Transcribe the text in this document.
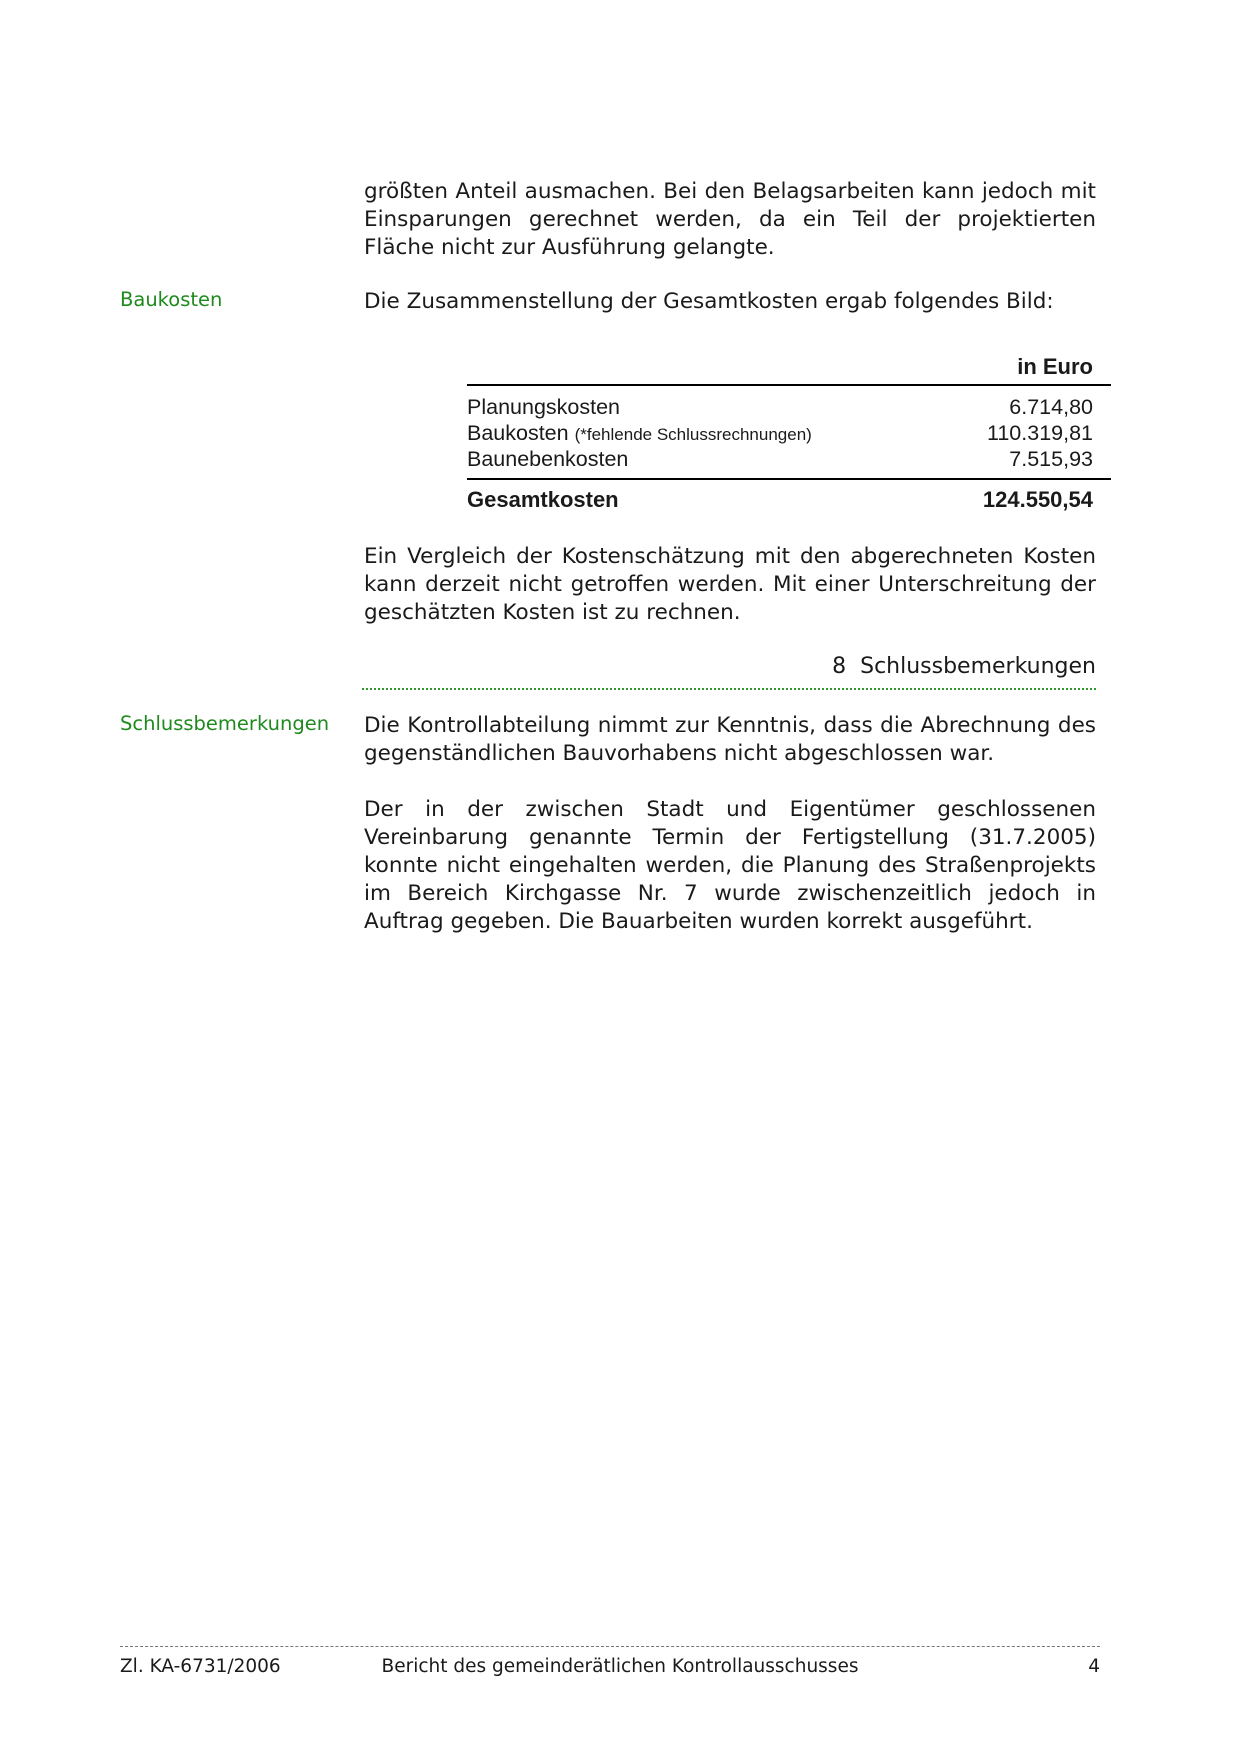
größten Anteil ausmachen. Bei den Belagsarbeiten kann jedoch mit Einsparungen gerechnet werden, da ein Teil der projektierten Fläche nicht zur Ausführung gelangte.

Baukosten	Die Zusammenstellung der Gesamtkosten ergab folgendes Bild:

in Euro
Planungskosten	6.714,80
Baukosten (*fehlende Schlussrechnungen)	110.319,81
Baunebenkosten	7.515,93
Gesamtkosten	124.550,54

Ein Vergleich der Kostenschätzung mit den abgerechneten Kosten kann derzeit nicht getroffen werden. Mit einer Unterschreitung der geschätzten Kosten ist zu rechnen.

8 Schlussbemerkungen

Schlussbemerkungen Die Kontrollabteilung nimmt zur Kenntnis, dass die Abrechnung des gegenständlichen Bauvorhabens nicht abgeschlossen war.

Der in der zwischen Stadt und Eigentümer geschlossenen Vereinbarung genannte Termin der Fertigstellung (31.7.2005) konnte nicht eingehalten werden, die Planung des Straßenprojekts im Bereich Kirchgasse Nr. 7 wurde zwischenzeitlich jedoch in Auftrag gegeben. Die Bauarbeiten wurden korrekt ausgeführt.

Zl. KA-6731/2006	Bericht des gemeinderätlichen Kontrollausschusses	4
